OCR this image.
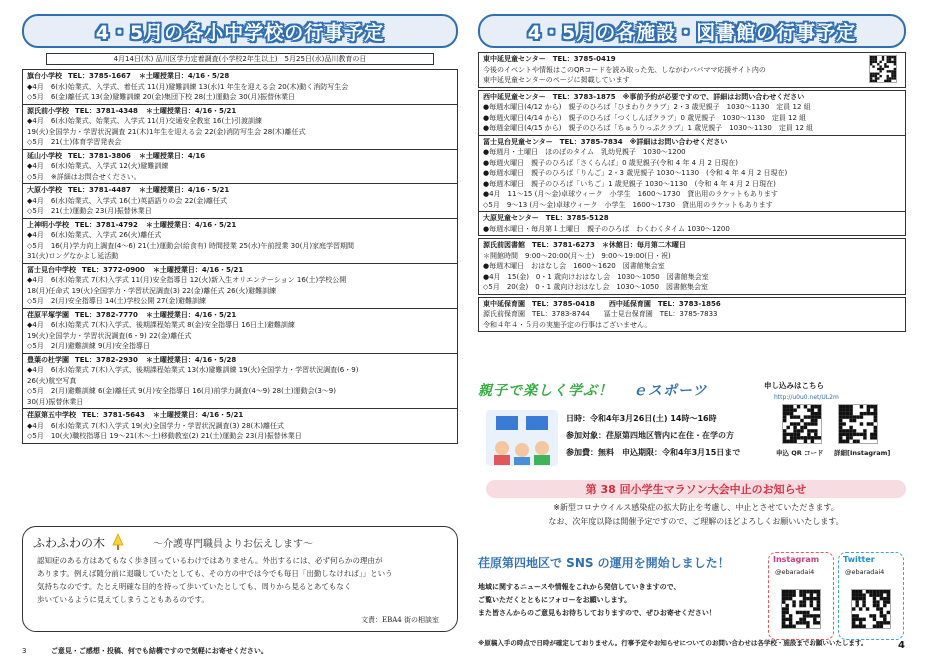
4・5月の各小中学校の行事予定
4月14日(木) 品川区学力定着調査(小学校2年生以上)　5月25日(水)品川教育の日
旗台小学校 TEL：3785-1667 ＊土曜授業日：4/16・5/28
◆4月　6(水)始業式、入学式、着任式 11(月)避難訓練 13(水)1 年生を迎える会 20(木)動く消防写生会
◇5月　6(金)離任式 13(金)避難訓練 20(金)集団下校 28(土)運動会 30(月)振替休業日
源氏前小学校 TEL：3781-4348 ＊土曜授業日：4/16・5/21
◆4月　6(水)始業式、始業式、入学式 11(月)交通安全教室 16(土)引渡訓練
19(火)全国学力・学習状況調査 21(木)1年生を迎える会 22(金)消防写生会 28(木)離任式
◇5月　21(土)体育学習発表会
延山小学校 TEL：3781-3806 ＊土曜授業日：4/16
◆4月　6(水)始業式、入学式 12(火)避難訓練
◇5月　※詳細はお問合せください。
大原小学校 TEL：3781-4487 ＊土曜授業日：4/16・5/21
◆4月　6(水)始業式、入学式 16(土)英語語りの会 22(金)離任式
◇5月　21(土)運動会 23(月)振替休業日
上神明小学校 TEL：3781-4792 ＊土曜授業日：4/16・5/21
◆4月　6(水)始業式、入学式 26(火)離任式
◇5月　16(月)学力向上調査(4～6) 21(土)運動会(給食有) 時間授業 25(水)午前授業 30(月)家庭学習期間
31(火)ロングなかよし延活動
冨士見台中学校 TEL：3772-0900 ＊土曜授業日：4/16・5/21
◆4月　6(水)始業式 7(木)入学式 11(月)安全指導日 12(火)新入生オリエンテーション 16(土)学校公開
18(月)任命式 19(火)全国学力・学習状況調査(3) 22(金)離任式 26(火)避難訓練
◇5月　2(月)安全指導日 14(土)学校公開 27(金)避難訓練
荏原平塚学園 TEL：3782-7770 ＊土曜授業日：4/16・5/21
◆4月　6(水)始業式 7(木)入学式、後期課程始業式 8(金)安全指導日 16日土)避難訓練
19(火)全国学力・学習状況調査(6・9) 22(金)離任式
◇5月　2(月)避難訓練 9(月)安全指導日
豊葉の杜学園 TEL：3782-2930 ＊土曜授業日：4/16・5/28
◆4月　6(水)始業式 7(木)入学式、後期課程始業式 13(水)避難訓練 19(火)全国学力・学習状況調査(6・9)
26(火)航空写真
◇5月　2(月)避難訓練 6(金)離任式 9(月)安全指導日 16(月)前学力調査(4～9) 28(土)運動会(3～9)
30(月)振替休業日
荏原第五中学校 TEL：3781-5643 ＊土曜授業日：4/16・5/21
◆4月　6(水)始業式 7(木)入学式 19(火)全国学力・学習状況調査(3) 28(木)離任式
◇5月　10(火)職校指導日 19～21(木～土)移動教室(2) 21(土)運動会 23(月)振替休業日
ふわふわの木	～介護専門職員よりお伝えします～

認知症のある方はあてもなく歩き回っているわけではありません。外出するには、必ず何らかの理由が
あります。例えば随分前に退職していたとしても、その方の中では今でも毎日「出勤しなければ」」という
気持ちなのです。たとえ明確な目的を持って歩いていたとしても、周りから見るとあてもなく
歩いているように見えてしまうこともあるのです。

文責：EBA4 街の相談室
3	ご意見・ご感想・投稿、何でも結構ですので気軽にお寄せください。
4・5月の各施設・図書館の行事予定
東中延児童センター　TEL：3785-0419
今後のイベントや情報はこのQRコードを読み取った先、しながわパパママ応援サイト内の
東中延児童センターのページに掲載しています
西中延児童センター　TEL：3783-1875　※事前予約が必要ですので、詳細はお問い合わせください
●毎週水曜日(4/12 から)　親子のひろば「ひまわりクラブ」2・3 歳児親子　1030～1130　定員 12 組
●毎週火曜日(4/14 から)　親子のひろば「つくしんぼクラブ」0 歳児親子　1030～1130　定員 12 組
●毎週金曜日(4/15 から)　親子のひろば「ちゅうりっぷクラブ」1 歳児親子　1030～1130　定員 12 組
冨士見台児童センター　TEL：3785-7834　※詳細はお問い合わせください
●毎週月・土曜日　ほのぼのタイム　乳幼児親子　1030～1200
●毎週火曜日　親子のひろば「さくらんぼ」0 歳児親子(令和 4 年 4 月 2 日現在)
●毎週水曜日　親子のひろば「りんご」2・3 歳児親子 1030～1130　(令和 4 年 4 月 2 日現在)
●毎週木曜日　親子のひろば「いちご」1 歳児親子 1030～1130　(令和 4 年 4 月 2 日現在)
●4月　11～15 (月～金)卓球ウィーク　小学生　1600～1730　貸出用のラケットもあります
◇5月　9～13 (月～金)卓球ウィーク　小学生　1600～1730　貸出用のラケットもあります
大原児童センター　TEL：3785-5128
●毎週水曜日・毎月第１土曜日　親子のひろば　わくわくタイム 1030～1200
源氏前図書館　TEL：3781-6273　＊休館日：毎月第二木曜日
＊開館時間　9:00～20:00(月～土)　9:00～19:00(日・祝)
●毎週木曜日　おはなし会　1600～1620　図書館集会室
●4月　15(金)　0・1 歳向けおはなし会　1030～1050　図書館集会室
◇5月　20(金)　0・1 歳向けおはなし会　1030～1050　図書館集会室
東中延保育園　TEL：3785-0418　　西中延保育園　TEL：3783-1856
源氏前保育園　TEL：3783-8744　　冨士見台保育園　TEL：3785-7833
令和４年４・５月の実施予定の行事はございません。
親子で楽しく学ぶ！ ｅスポーツ
日時：令和4年3月26日(土) 14時～16時
参加対象：荏原第四地区管内に在住・在学の方
参加費：無料　申込期限：令和4年3月15日まで
申し込みはこちら
http://u0u0.net/UL2m
申込 QR コード 詳細[Instagram]
第 38 回小学生マラソン大会中止のお知らせ

※新型コロナウイルス感染症の拡大防止を考慮し、中止とさせていただきます。
なお、次年度以降は開催予定ですので、ご理解のほどよろしくお願いいたします。

荏原第四地区で SNS の運用を開始しました！

地域に関するニュースや情報をこれから発信していきますので、
ご覧いただくとともにフォローをお願いします。
また皆さんからのご意見もお待ちしておりますので、ぜひお寄せください！

Instagram
@ebaradai4
Twitter
@ebaradai4
※原稿入手の時点で日時が確定しておりません。行事予定やお知らせについてのお問い合わせは各学校・施設までお願いいたします。	4
